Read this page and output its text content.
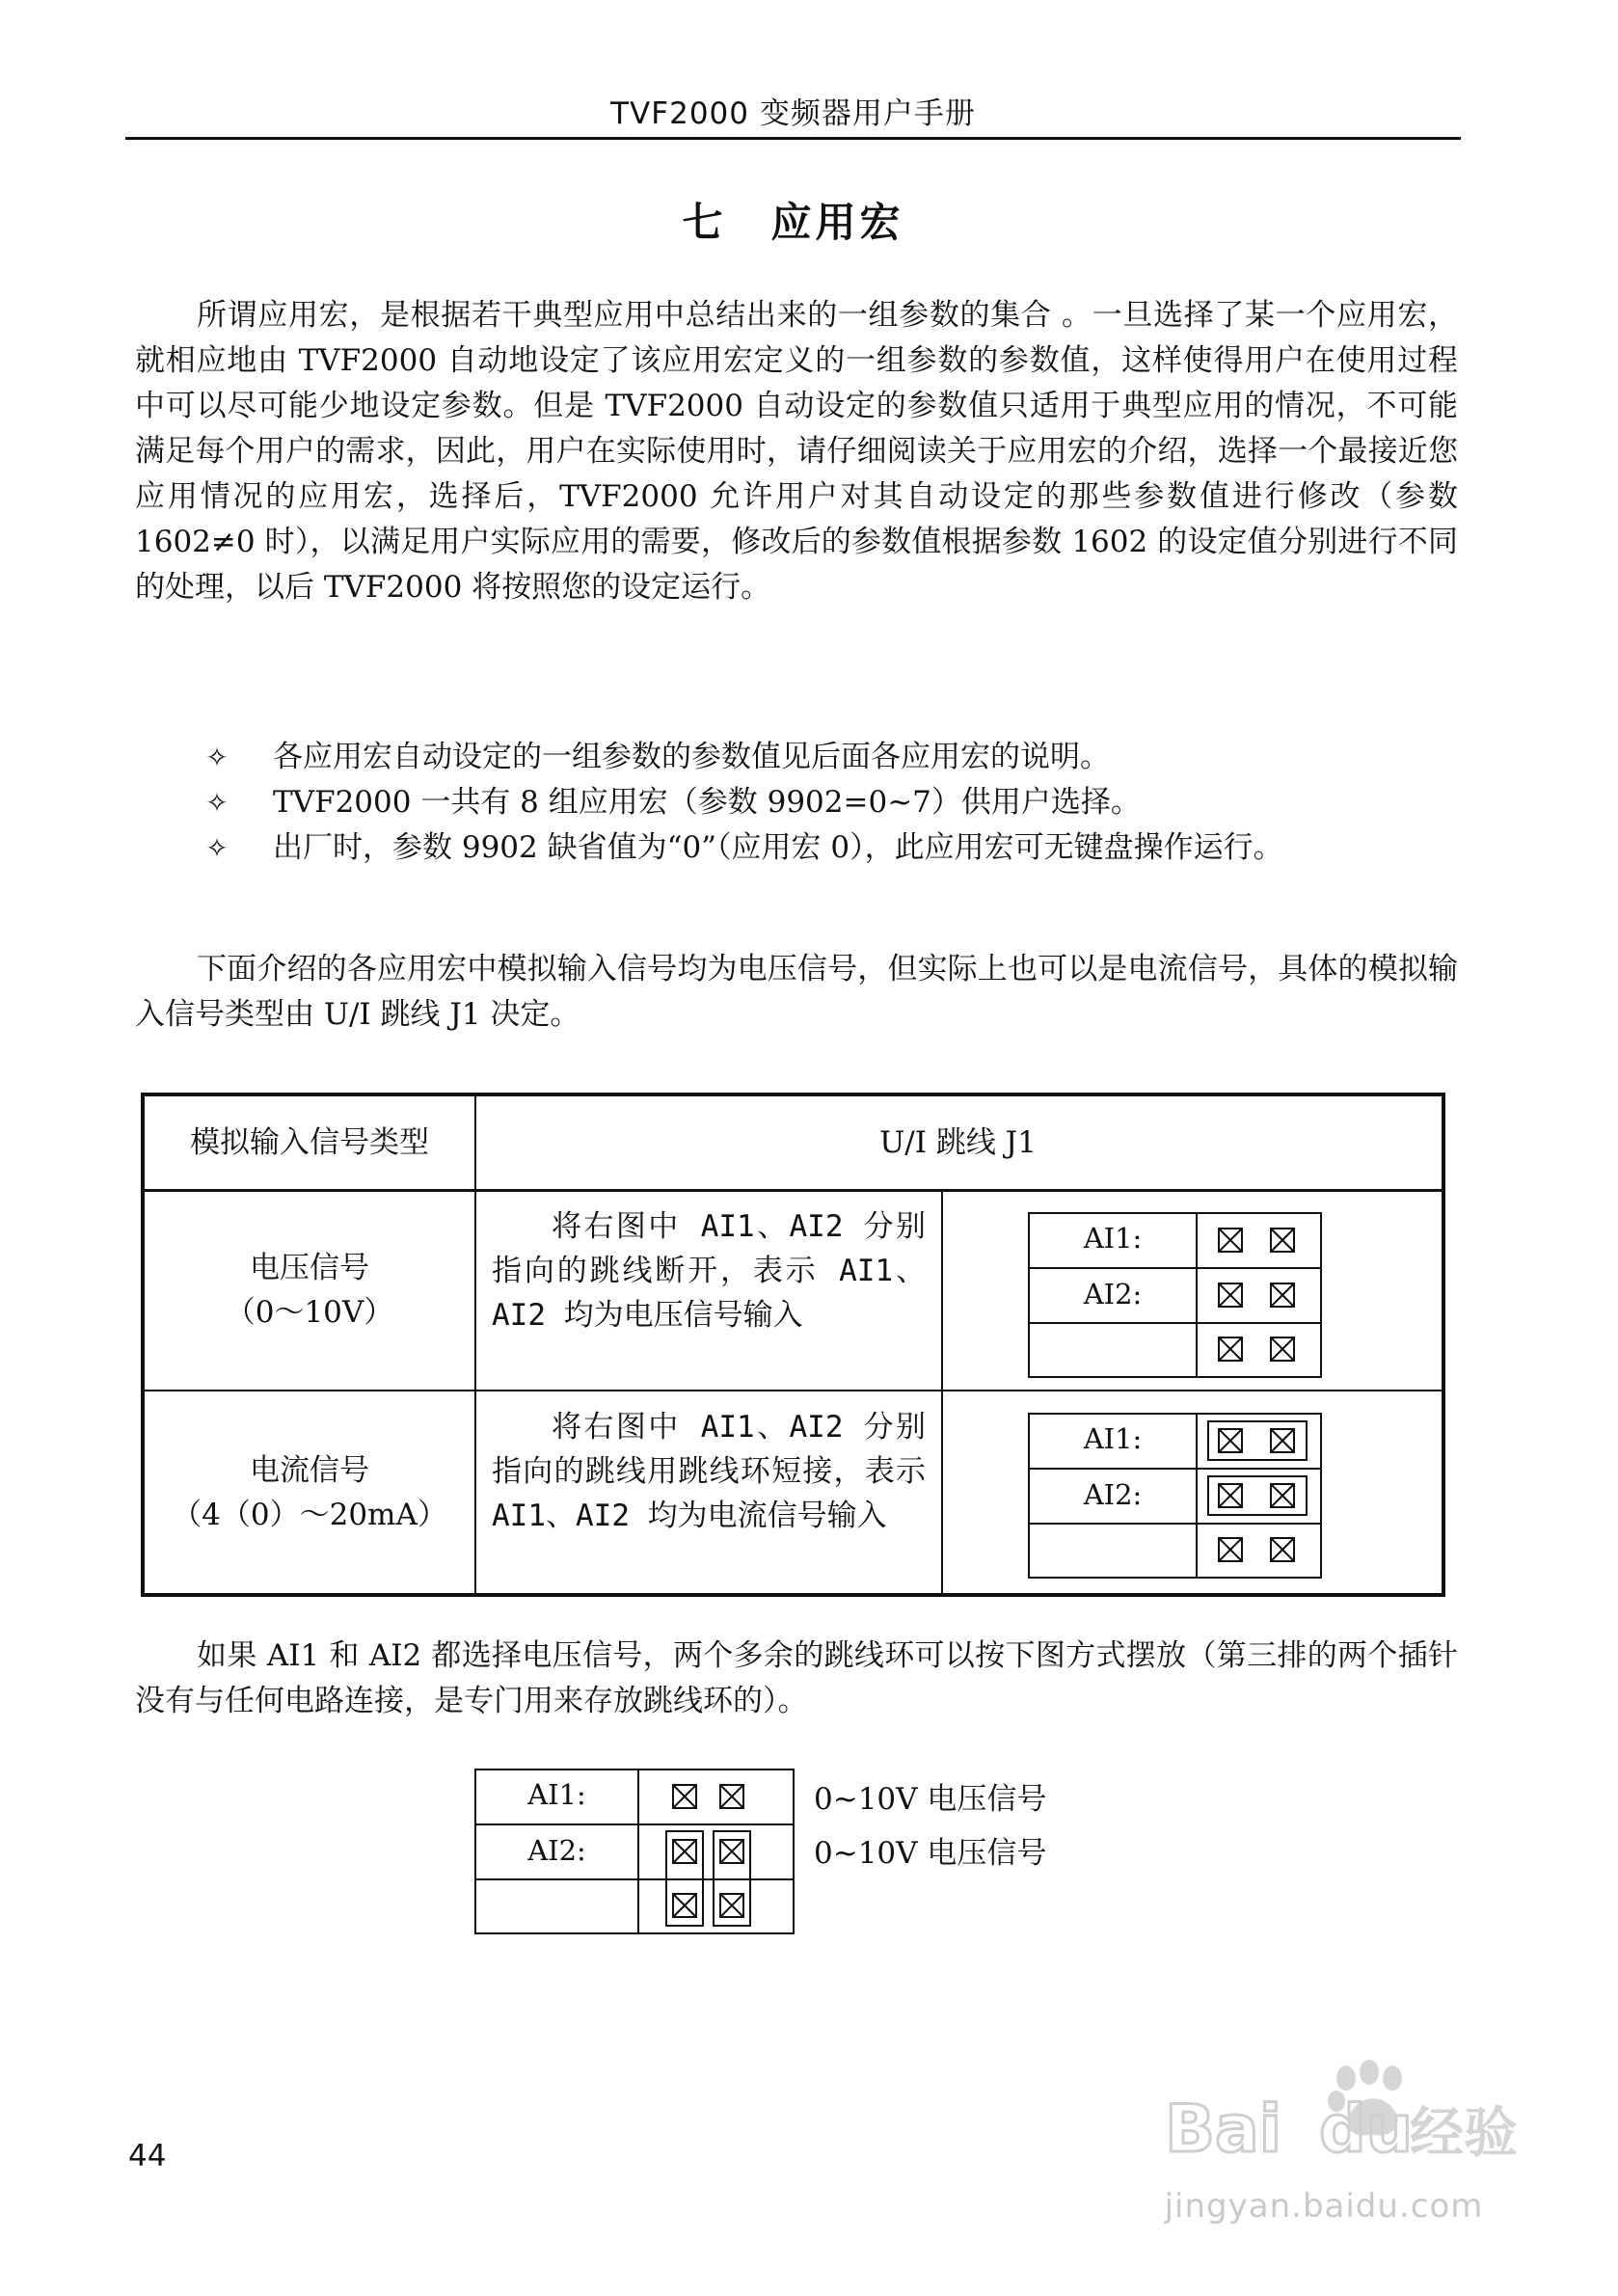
TVF2000 变频器用户手册
七　应用宏
所谓应用宏，是根据若干典型应用中总结出来的一组参数的集合 。一旦选择了某一个应用宏，就相应地由 TVF2000 自动地设定了该应用宏定义的一组参数的参数值，这样使得用户在使用过程中可以尽可能少地设定参数。但是 TVF2000 自动设定的参数值只适用于典型应用的情况，不可能满足每个用户的需求，因此，用户在实际使用时，请仔细阅读关于应用宏的介绍，选择一个最接近您应用情况的应用宏，选择后，TVF2000 允许用户对其自动设定的那些参数值进行修改（参数 1602≠0 时），以满足用户实际应用的需要，修改后的参数值根据参数 1602 的设定值分别进行不同的处理，以后 TVF2000 将按照您的设定运行。
✧ 各应用宏自动设定的一组参数的参数值见后面各应用宏的说明。
✧ TVF2000 一共有 8 组应用宏（参数 9902=0~7）供用户选择。
✧ 出厂时，参数 9902 缺省值为“0”（应用宏 0），此应用宏可无键盘操作运行。
下面介绍的各应用宏中模拟输入信号均为电压信号，但实际上也可以是电流信号，具体的模拟输入信号类型由 U/I 跳线 J1 决定。
模拟输入信号类型	U/I 跳线 J1
电压信号
（0～10V）
将右图中 AI1、AI2 分别指向的跳线断开，表示 AI1、AI2 均为电压信号输入
AI1:
AI2:
电流信号
（4（0）～20mA）
将右图中 AI1、AI2 分别指向的跳线用跳线环短接，表示 AI1、AI2 均为电流信号输入
AI1:
AI2:
如果 AI1 和 AI2 都选择电压信号，两个多余的跳线环可以按下图方式摆放（第三排的两个插针没有与任何电路连接，是专门用来存放跳线环的）。
AI1:
AI2:
0~10V 电压信号
0~10V 电压信号
44	Bai du
经验
jingyan.baidu.com
